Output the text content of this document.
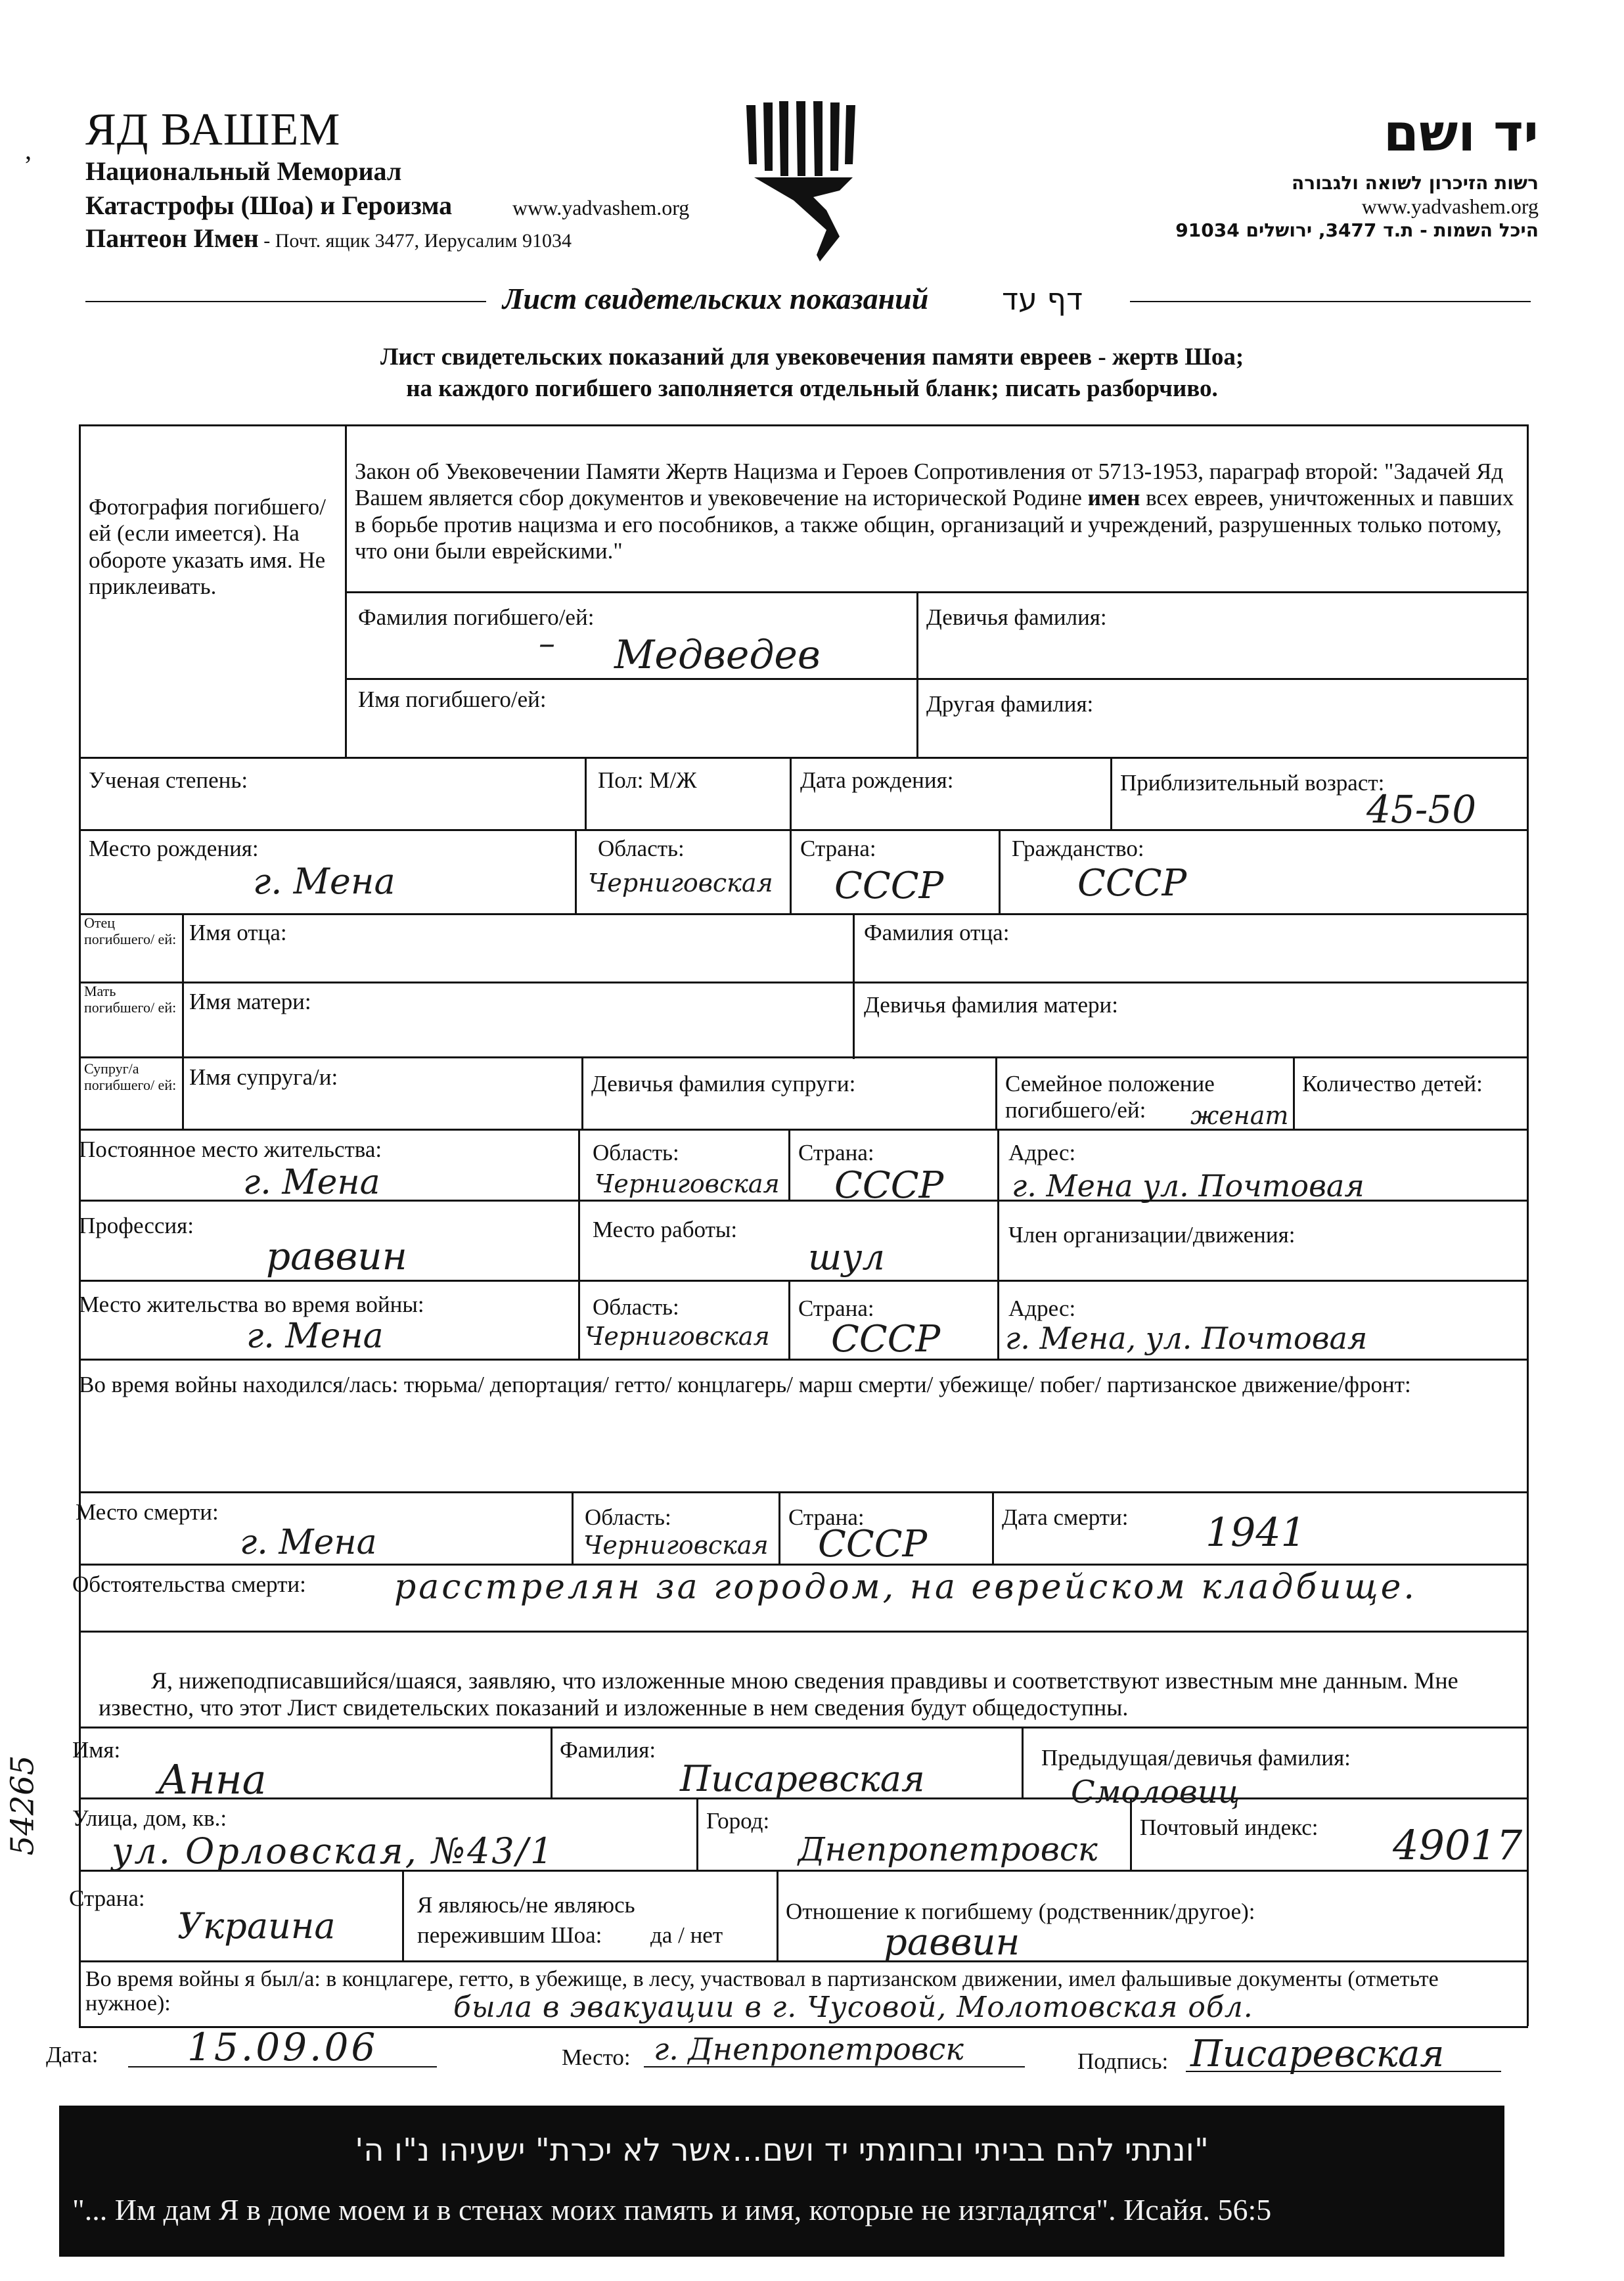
, ЯД ВАШЕМ
Национальный Мемориал
Катастрофы (Шоа) и Героизма	www.yadvashem.org
Пантеон Имен - Почт. ящик 3477, Иерусалим 91034
יד ושם
רשות הזיכרון לשואה ולגבורה
www.yadvashem.org
היכל השמות - ת.ד 3477, ירושלים 91034
Лист свидетельских показаний דף עד
Лист свидетельских показаний для увековечения памяти евреев - жертв Шоа;
на каждого погибшего заполняется отдельный бланк; писать разборчиво.
Фотография погибшего/ей (если имеется). На обороте указать имя. Не приклеивать.
Закон об Увековечении Памяти Жертв Нацизма и Героев Сопротивления от 5713-1953, параграф второй: "Задачей Яд Вашем является сбор документов и увековечение на исторической Родине имен всех евреев, уничтоженных и павших в борьбе против нацизма и его пособников, а также общин, организаций и учреждений, разрушенных только потому, что они были еврейскими."
Фамилия погибшего/ей:
Медведев
–
Девичья фамилия:
Имя погибшего/ей:	Другая фамилия:
Ученая степень:	Пол: М/Ж	Дата рождения:	Приблизительный возраст:
45-50
Место рождения:
г. Мена
Область:
Черниговская
Страна:
СССР
Гражданство:
СССР
Отец погибшего/ ей: Имя отца:	Фамилия отца:
Мать погибшего/ ей: Имя матери:	Девичья фамилия матери:
Супруг/а погибшего/ ей: Имя супруга/и:	Девичья фамилия супруги:	Семейное положение погибшего/ей:	женат
Количество детей:
Постоянное место жительства:
г. Мена
Область:
Черниговская
Страна:
СССР
Адрес:
г. Мена ул. Почтовая
Профессия:
раввин
Место работы:
шул
Член организации/движения:
Место жительства во время войны:
г. Мена
Область:
Черниговская
Страна:
СССР
Адрес:
г. Мена, ул. Почтовая
Во время войны находился/лась: тюрьма/ депортация/ гетто/ концлагерь/ марш смерти/ убежище/ побег/ партизанское движение/фронт:
Место смерти:
г. Мена
Область:
Черниговская
Страна:
СССР
Дата смерти: 1941
Обстоятельства смерти:	расстрелян за городом, на еврейском кладбище.
Я, нижеподписавшийся/шаяся, заявляю, что изложенные мною сведения правдивы и соответствуют известным мне данным. Мне известно, что этот Лист свидетельских показаний и изложенные в нем сведения будут общедоступны.
54265
Имя:
Анна
Фамилия:
Писаревская
Предыдущая/девичья фамилия:
Смоловиц
Улица, дом, кв.:
ул. Орловская, №43/1
Город:
Днепропетровск
Почтовый индекс: 49017
Страна:
Украина
Я являюсь/не являюсь
пережившим Шоа: да / нет
Отношение к погибшему (родственник/другое):
раввин
Во время войны я был/а: в концлагере, гетто, в убежище, в лесу, участвовал в партизанском движении, имел фальшивые документы (отметьте нужное):	была в эвакуации в г. Чусовой, Молотовская обл.
Дата: 15.09.06	Место: г. Днепропетровск	Подпись: Писаревская
"ונתתי להם בביתי ובחומתי יד ושם...אשר לא יכרת" ישעיהו נ"ו ה'
"... Им дам Я в доме моем и в стенах моих память и имя, которые не изгладятся". Исайя. 56:5
